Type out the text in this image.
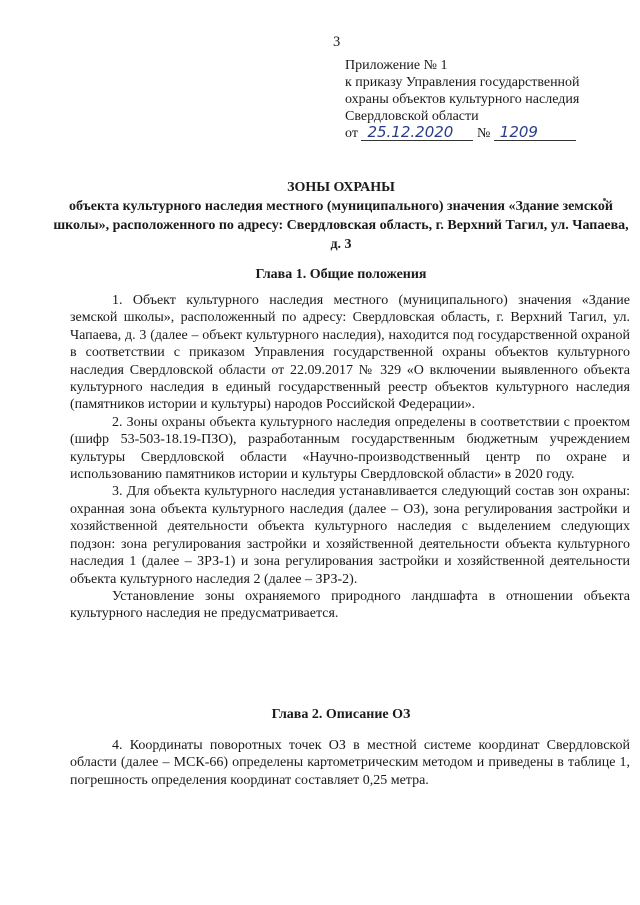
3
Приложение № 1
к приказу Управления государственной
охраны объектов культурного наследия
Свердловской области
от 25.12.2020 № 1209
ЗОНЫ ОХРАНЫ
объекта культурного наследия местного (муниципального) значения «Здание земской школы», расположенного по адресу: Свердловская область, г. Верхний Тагил, ул. Чапаева, д. 3
Глава 1. Общие положения

1. Объект культурного наследия местного (муниципального) значения «Здание земской школы», расположенный по адресу: Свердловская область, г. Верхний Тагил, ул. Чапаева, д. 3 (далее – объект культурного наследия), находится под государственной охраной в соответствии с приказом Управления государственной охраны объектов культурного наследия Свердловской области от 22.09.2017 № 329 «О включении выявленного объекта культурного наследия в единый государственный реестр объектов культурного наследия (памятников истории и культуры) народов Российской Федерации».

2. Зоны охраны объекта культурного наследия определены в соответствии с проектом (шифр 53-503-18.19-ПЗО), разработанным государственным бюджетным учреждением культуры Свердловской области «Научно-производственный центр по охране и использованию памятников истории и культуры Свердловской области» в 2020 году.

3. Для объекта культурного наследия устанавливается следующий состав зон охраны: охранная зона объекта культурного наследия (далее – ОЗ), зона регулирования застройки и хозяйственной деятельности объекта культурного наследия с выделением следующих подзон: зона регулирования застройки и хозяйственной деятельности объекта культурного наследия 1 (далее – ЗРЗ-1) и зона регулирования застройки и хозяйственной деятельности объекта культурного наследия 2 (далее – ЗРЗ-2).

Установление зоны охраняемого природного ландшафта в отношении объекта культурного наследия не предусматривается.

Глава 2. Описание ОЗ

4. Координаты поворотных точек ОЗ в местной системе координат Свердловской области (далее – МСК-66) определены картометрическим методом и приведены в таблице 1, погрешность определения координат составляет 0,25 метра.
